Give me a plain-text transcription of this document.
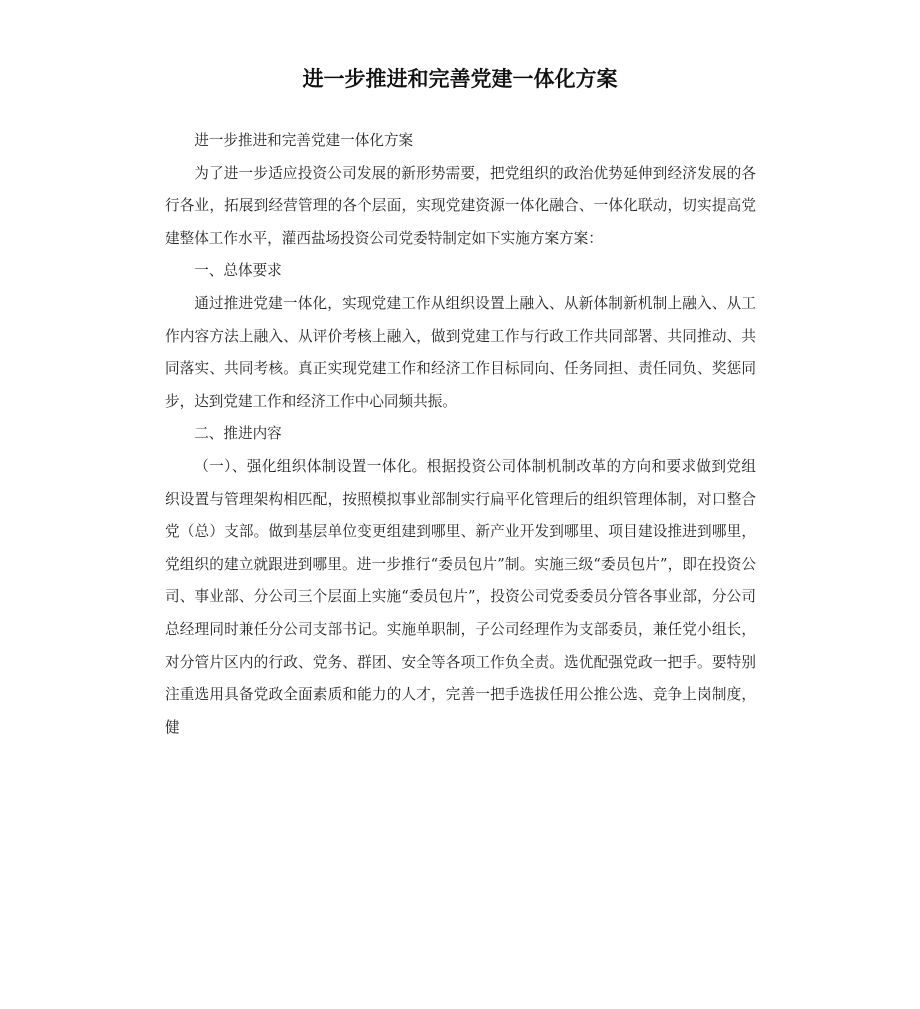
进一步推进和完善党建一体化方案

进一步推进和完善党建一体化方案

为了进一步适应投资公司发展的新形势需要，把党组织的政治优势延伸到经济发展的各行各业，拓展到经营管理的各个层面，实现党建资源一体化融合、一体化联动，切实提高党建整体工作水平，灌西盐场投资公司党委特制定如下实施方案方案：

一、总体要求

通过推进党建一体化，实现党建工作从组织设置上融入、从新体制新机制上融入、从工作内容方法上融入、从评价考核上融入，做到党建工作与行政工作共同部署、共同推动、共同落实、共同考核。真正实现党建工作和经济工作目标同向、任务同担、责任同负、奖惩同步，达到党建工作和经济工作中心同频共振。

二、推进内容

（一）、强化组织体制设置一体化。根据投资公司体制机制改革的方向和要求做到党组织设置与管理架构相匹配，按照模拟事业部制实行扁平化管理后的组织管理体制，对口整合党（总）支部。做到基层单位变更组建到哪里、新产业开发到哪里、项目建设推进到哪里，党组织的建立就跟进到哪里。进一步推行“委员包片”制。实施三级“委员包片”，即在投资公司、事业部、分公司三个层面上实施“委员包片”，投资公司党委委员分管各事业部，分公司总经理同时兼任分公司支部书记。实施单职制，子公司经理作为支部委员，兼任党小组长，对分管片区内的行政、党务、群团、安全等各项工作负全责。选优配强党政一把手。要特别注重选用具备党政全面素质和能力的人才，完善一把手选拔任用公推公选、竞争上岗制度，健
